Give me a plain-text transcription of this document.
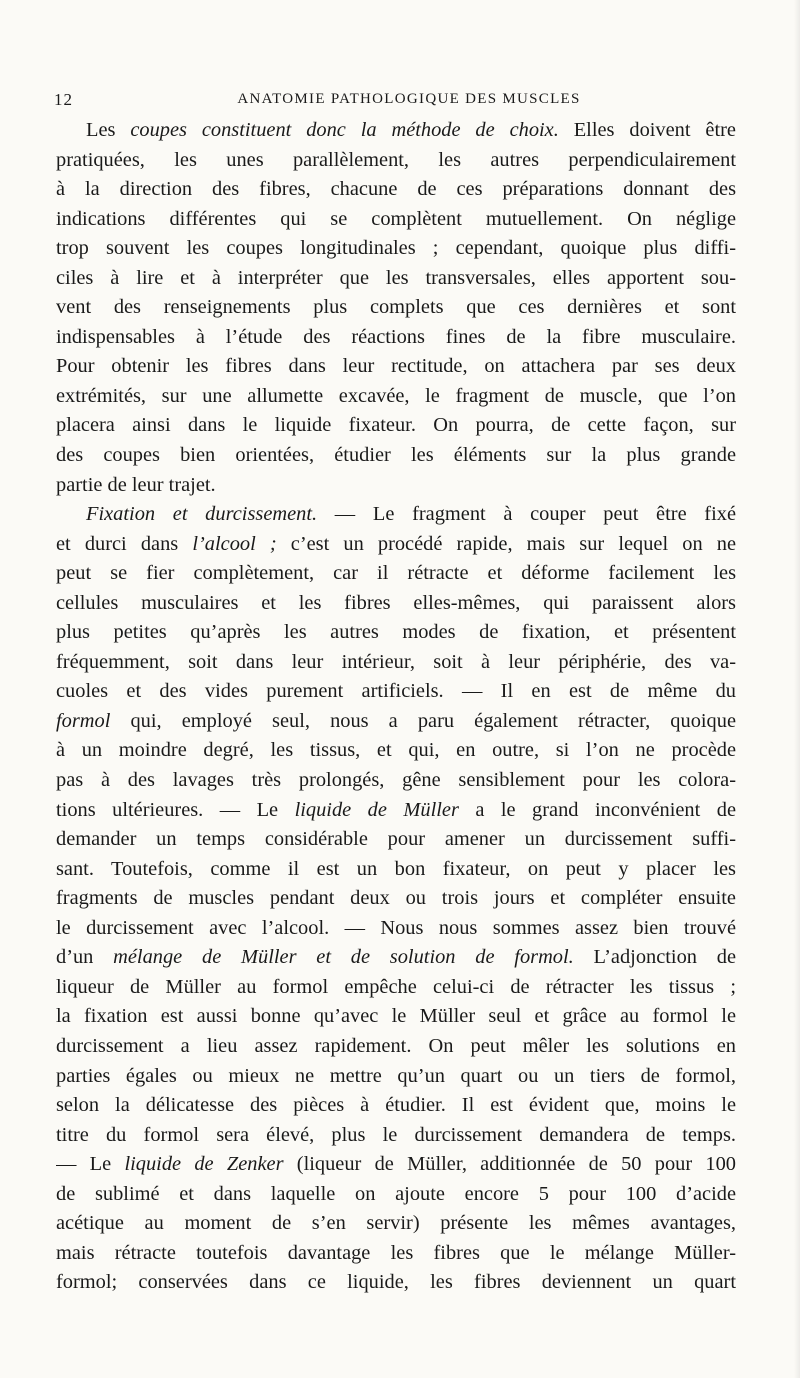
12	ANATOMIE PATHOLOGIQUE DES MUSCLES

Les coupes constituent donc la méthode de choix. Elles doivent être

pratiquées, les unes parallèlement, les autres perpendiculairement

à la direction des fibres, chacune de ces préparations donnant des

indications différentes qui se complètent mutuellement. On néglige

trop souvent les coupes longitudinales ; cependant, quoique plus diffi-

ciles à lire et à interpréter que les transversales, elles apportent sou-

vent des renseignements plus complets que ces dernières et sont

indispensables à l’étude des réactions fines de la fibre musculaire.

Pour obtenir les fibres dans leur rectitude, on attachera par ses deux

extrémités, sur une allumette excavée, le fragment de muscle, que l’on

placera ainsi dans le liquide fixateur. On pourra, de cette façon, sur

des coupes bien orientées, étudier les éléments sur la plus grande

partie de leur trajet.

Fixation et durcissement. — Le fragment à couper peut être fixé

et durci dans l’alcool ; c’est un procédé rapide, mais sur lequel on ne

peut se fier complètement, car il rétracte et déforme facilement les

cellules musculaires et les fibres elles-mêmes, qui paraissent alors

plus petites qu’après les autres modes de fixation, et présentent

fréquemment, soit dans leur intérieur, soit à leur périphérie, des va-

cuoles et des vides purement artificiels. — Il en est de même du

formol qui, employé seul, nous a paru également rétracter, quoique

à un moindre degré, les tissus, et qui, en outre, si l’on ne procède

pas à des lavages très prolongés, gêne sensiblement pour les colora-

tions ultérieures. — Le liquide de Müller a le grand inconvénient de

demander un temps considérable pour amener un durcissement suffi-

sant. Toutefois, comme il est un bon fixateur, on peut y placer les

fragments de muscles pendant deux ou trois jours et compléter ensuite

le durcissement avec l’alcool. — Nous nous sommes assez bien trouvé

d’un mélange de Müller et de solution de formol. L’adjonction de

liqueur de Müller au formol empêche celui-ci de rétracter les tissus ;

la fixation est aussi bonne qu’avec le Müller seul et grâce au formol le

durcissement a lieu assez rapidement. On peut mêler les solutions en

parties égales ou mieux ne mettre qu’un quart ou un tiers de formol,

selon la délicatesse des pièces à étudier. Il est évident que, moins le

titre du formol sera élevé, plus le durcissement demandera de temps.

— Le liquide de Zenker (liqueur de Müller, additionnée de 50 pour 100

de sublimé et dans laquelle on ajoute encore 5 pour 100 d’acide

acétique au moment de s’en servir) présente les mêmes avantages,

mais rétracte toutefois davantage les fibres que le mélange Müller-

formol; conservées dans ce liquide, les fibres deviennent un quart
